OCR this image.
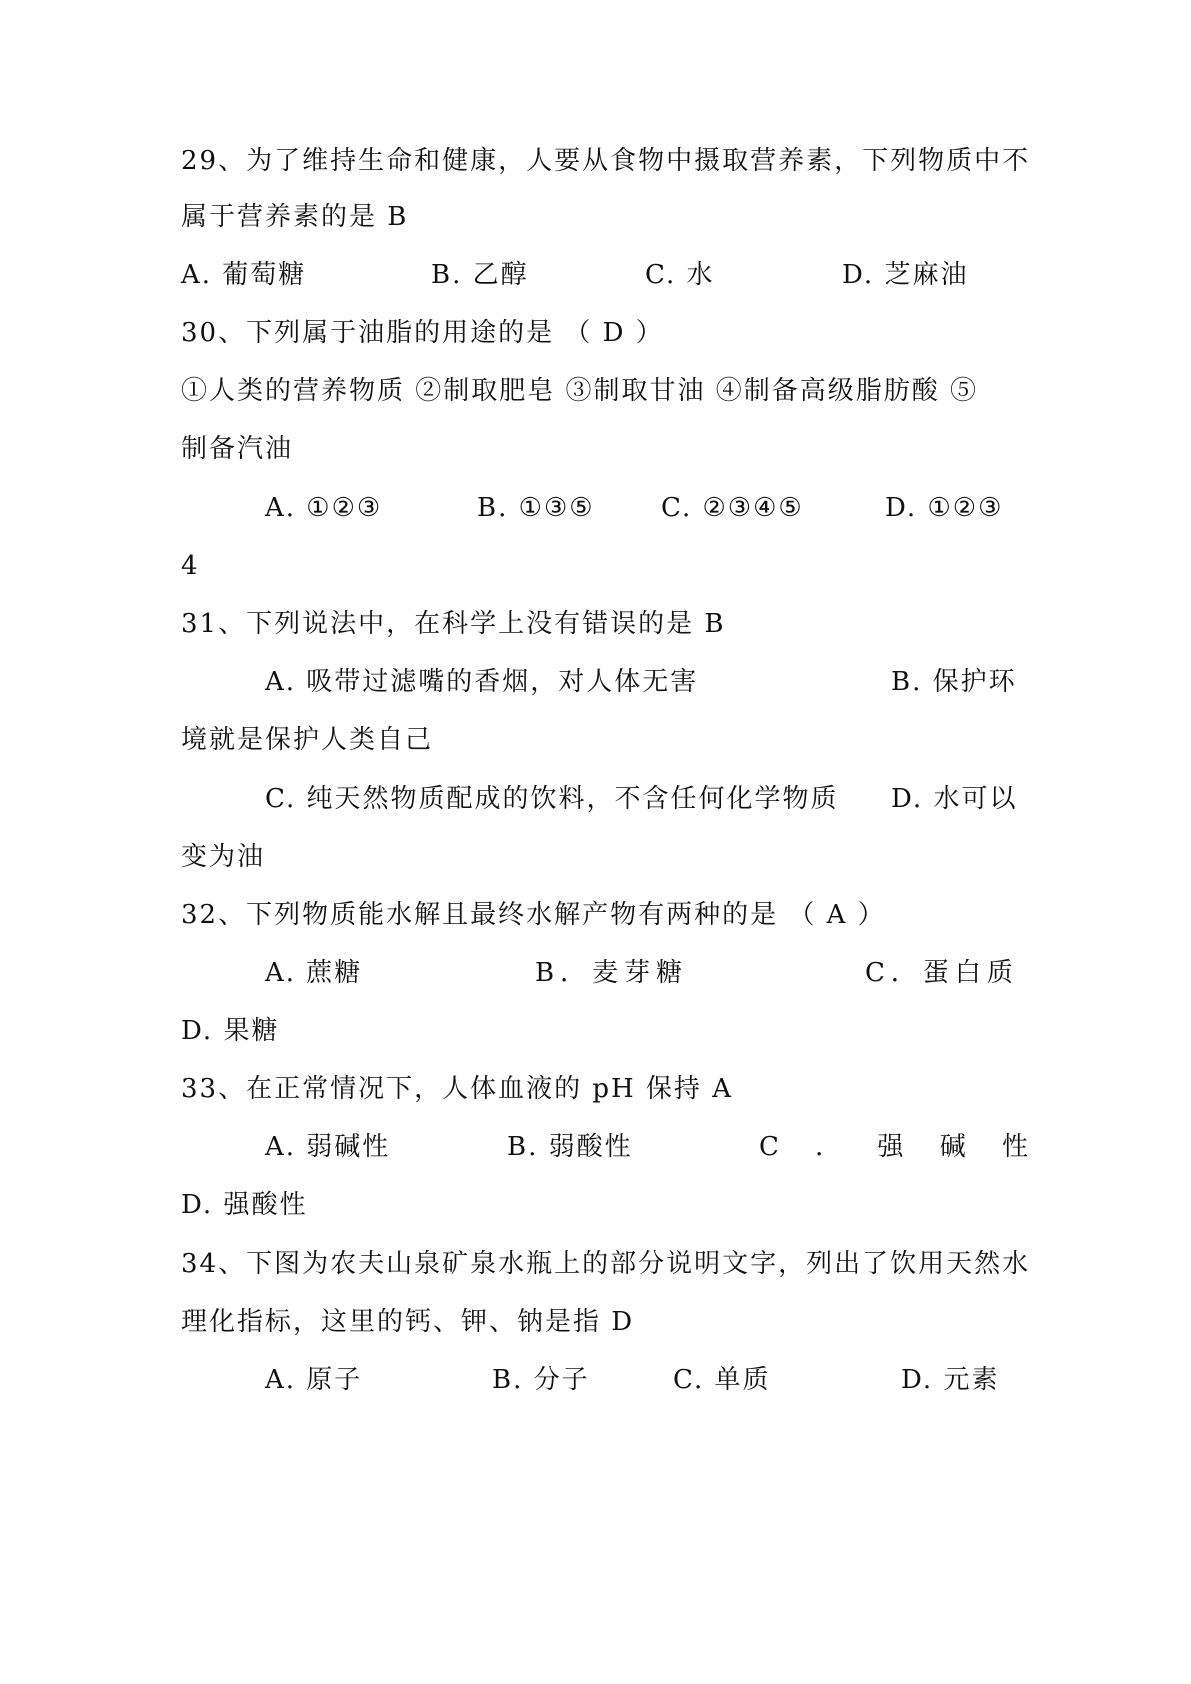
29、为了维持生命和健康，人要从食物中摄取营养素，下列物质中不
属于营养素的是 B
A. 葡萄糖	B. 乙醇	C. 水	D. 芝麻油
30、下列属于油脂的用途的是 （ D ）
①人类的营养物质 ②制取肥皂 ③制取甘油 ④制备高级脂肪酸 ⑤
制备汽油
A. ①②③	B. ①③⑤	C. ②③④⑤	D. ①②③
4
31、下列说法中，在科学上没有错误的是 B
A. 吸带过滤嘴的香烟，对人体无害	B. 保护环
境就是保护人类自己
C. 纯天然物质配成的饮料，不含任何化学物质 D. 水可以
变为油
32、下列物质能水解且最终水解产物有两种的是 （ A ）
A. 蔗糖	B．麦芽糖	C．蛋白质
D. 果糖
33、在正常情况下，人体血液的 pH 保持 A
A. 弱碱性	B. 弱酸性	C ． 强 碱 性
D. 强酸性
34、下图为农夫山泉矿泉水瓶上的部分说明文字，列出了饮用天然水
理化指标，这里的钙、钾、钠是指 D
A. 原子	B. 分子	C. 单质	D. 元素
